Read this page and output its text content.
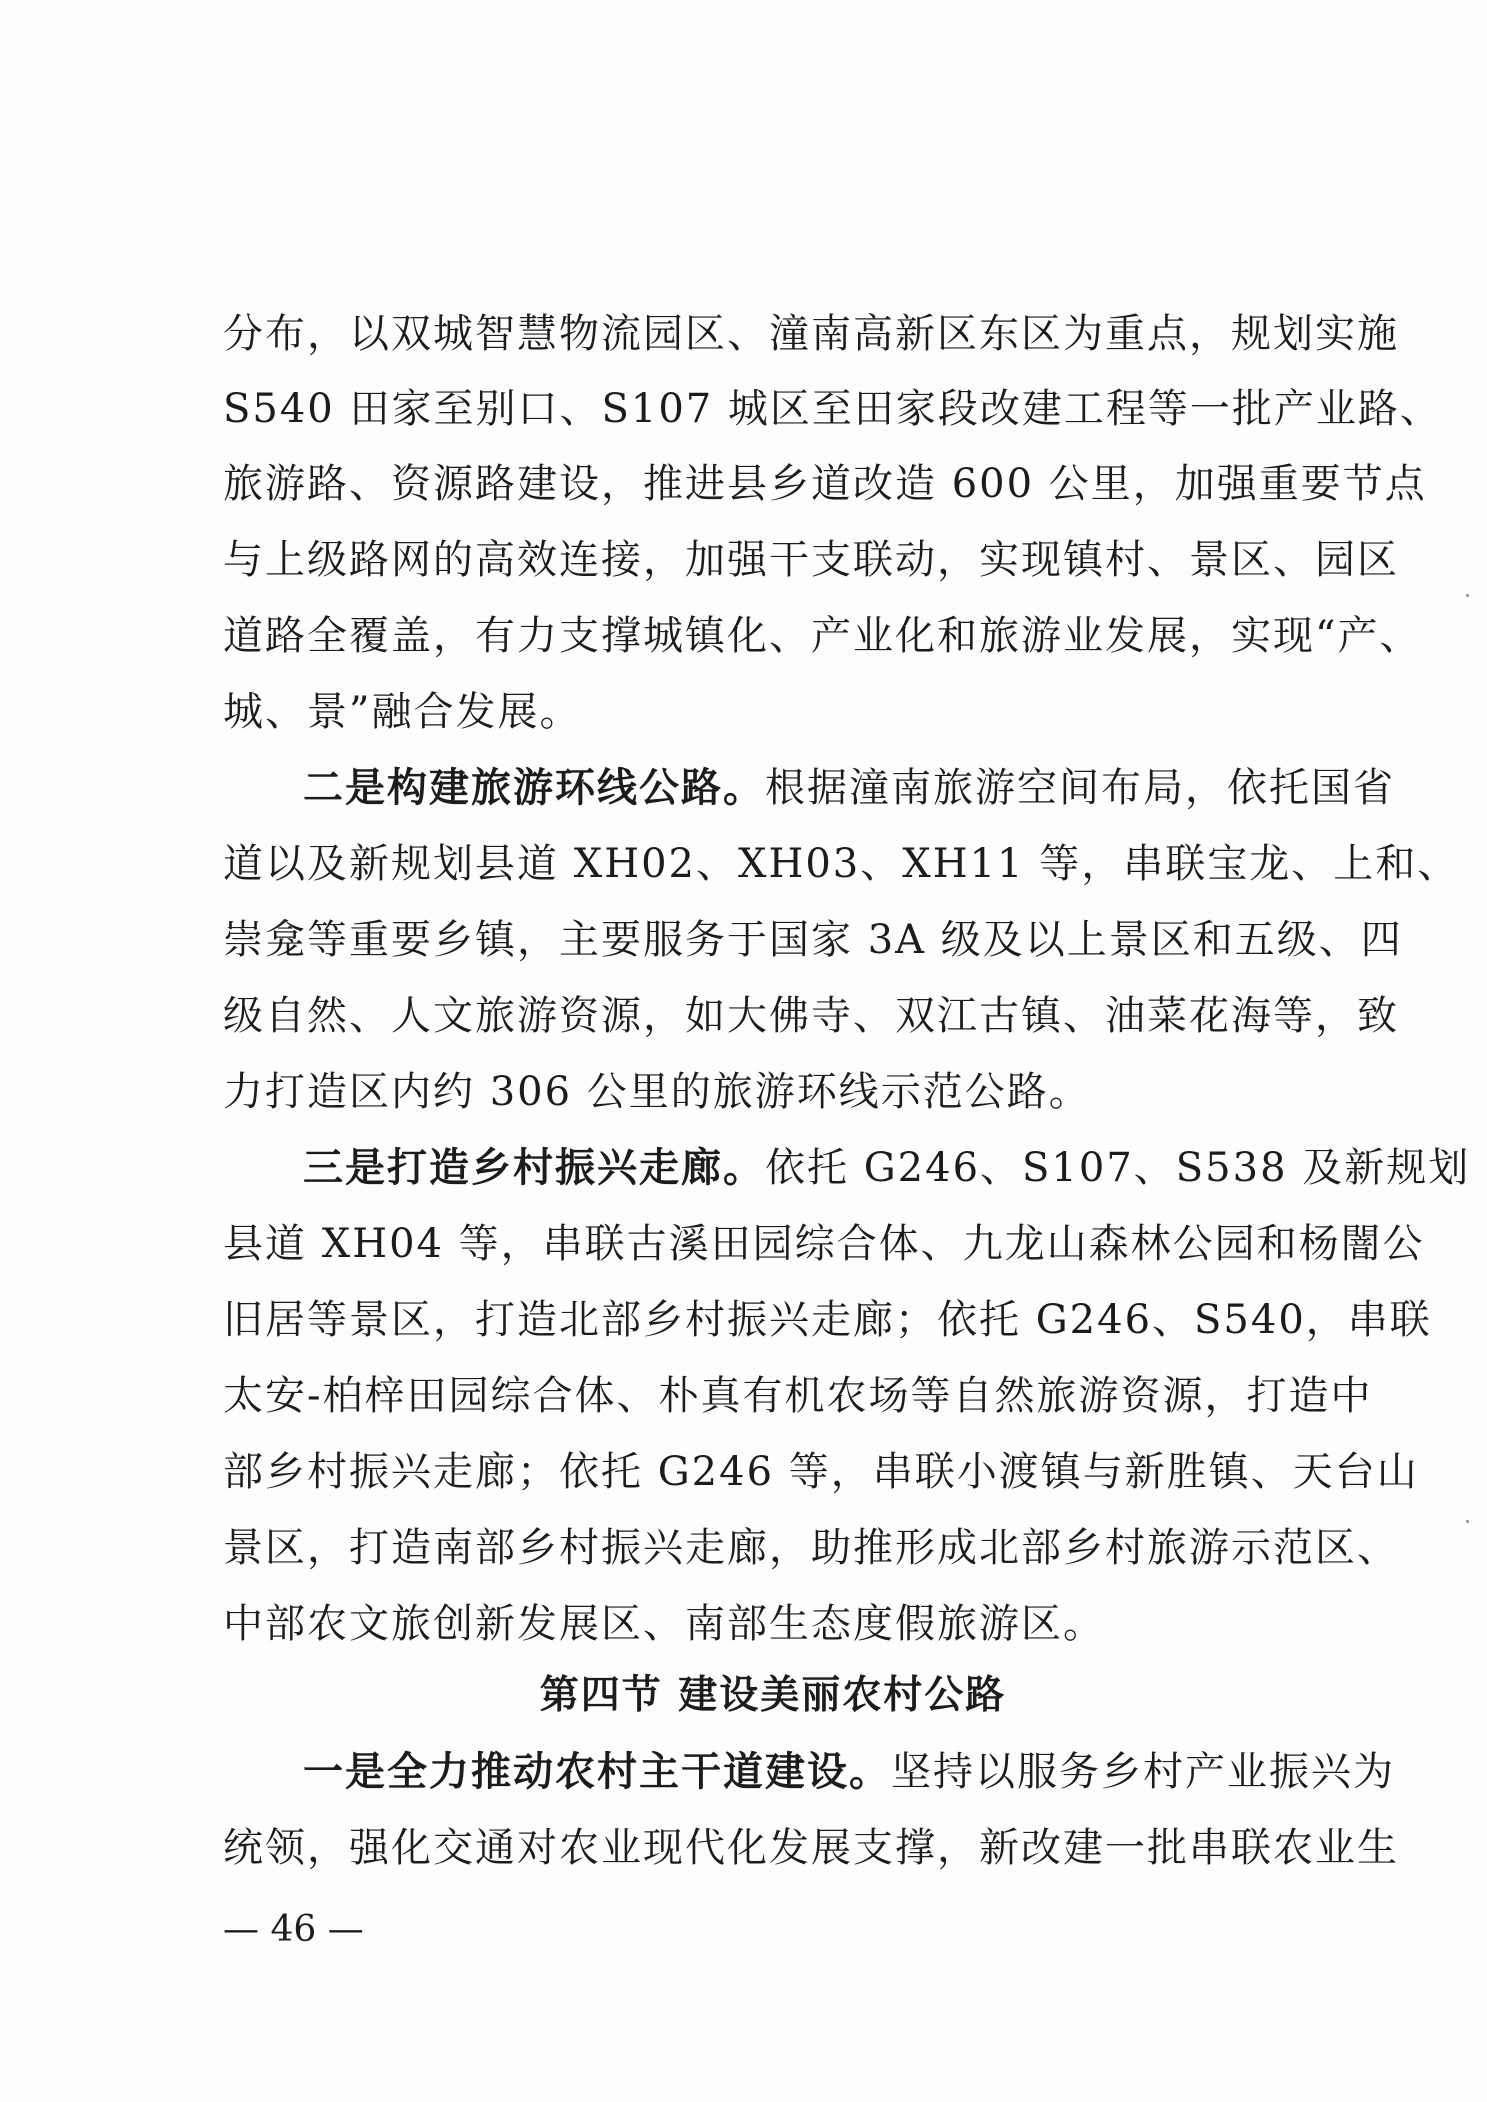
分布，以双城智慧物流园区、潼南高新区东区为重点，规划实施
S540 田家至别口、S107 城区至田家段改建工程等一批产业路、
旅游路、资源路建设，推进县乡道改造 600 公里，加强重要节点
与上级路网的高效连接，加强干支联动，实现镇村、景区、园区
道路全覆盖，有力支撑城镇化、产业化和旅游业发展，实现“产、
城、景”融合发展。
二是构建旅游环线公路。根据潼南旅游空间布局，依托国省
道以及新规划县道 XH02、XH03、XH11 等，串联宝龙、上和、
崇龛等重要乡镇，主要服务于国家 3A 级及以上景区和五级、四
级自然、人文旅游资源，如大佛寺、双江古镇、油菜花海等，致
力打造区内约 306 公里的旅游环线示范公路。
三是打造乡村振兴走廊。依托 G246、S107、S538 及新规划
县道 XH04 等，串联古溪田园综合体、九龙山森林公园和杨闇公
旧居等景区，打造北部乡村振兴走廊；依托 G246、S540，串联
太安-柏梓田园综合体、朴真有机农场等自然旅游资源，打造中
部乡村振兴走廊；依托 G246 等，串联小渡镇与新胜镇、天台山
景区，打造南部乡村振兴走廊，助推形成北部乡村旅游示范区、
中部农文旅创新发展区、南部生态度假旅游区。
第四节 建设美丽农村公路
一是全力推动农村主干道建设。坚持以服务乡村产业振兴为
统领，强化交通对农业现代化发展支撑，新改建一批串联农业生
— 46 —
